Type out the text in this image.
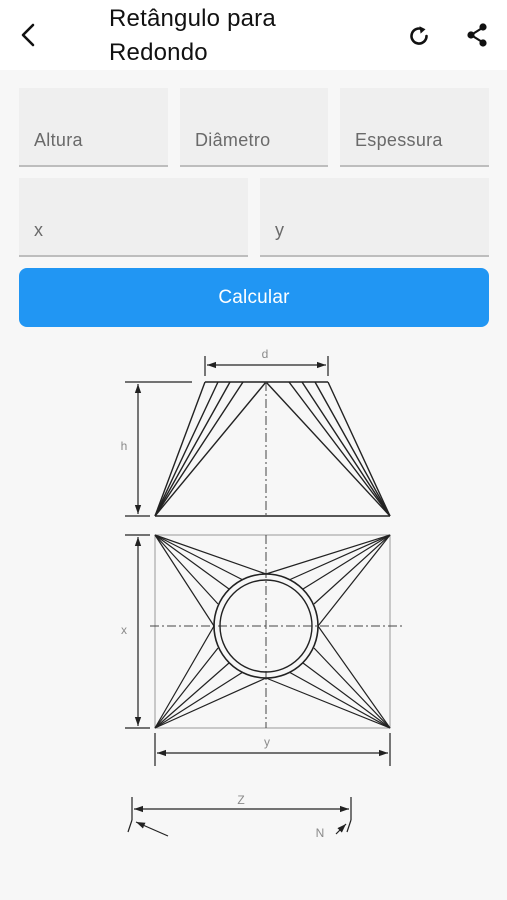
Retângulo para
Redondo
Altura	Diâmetro	Espessura
x	y
Calcular
d
h
x
y
Z
N
